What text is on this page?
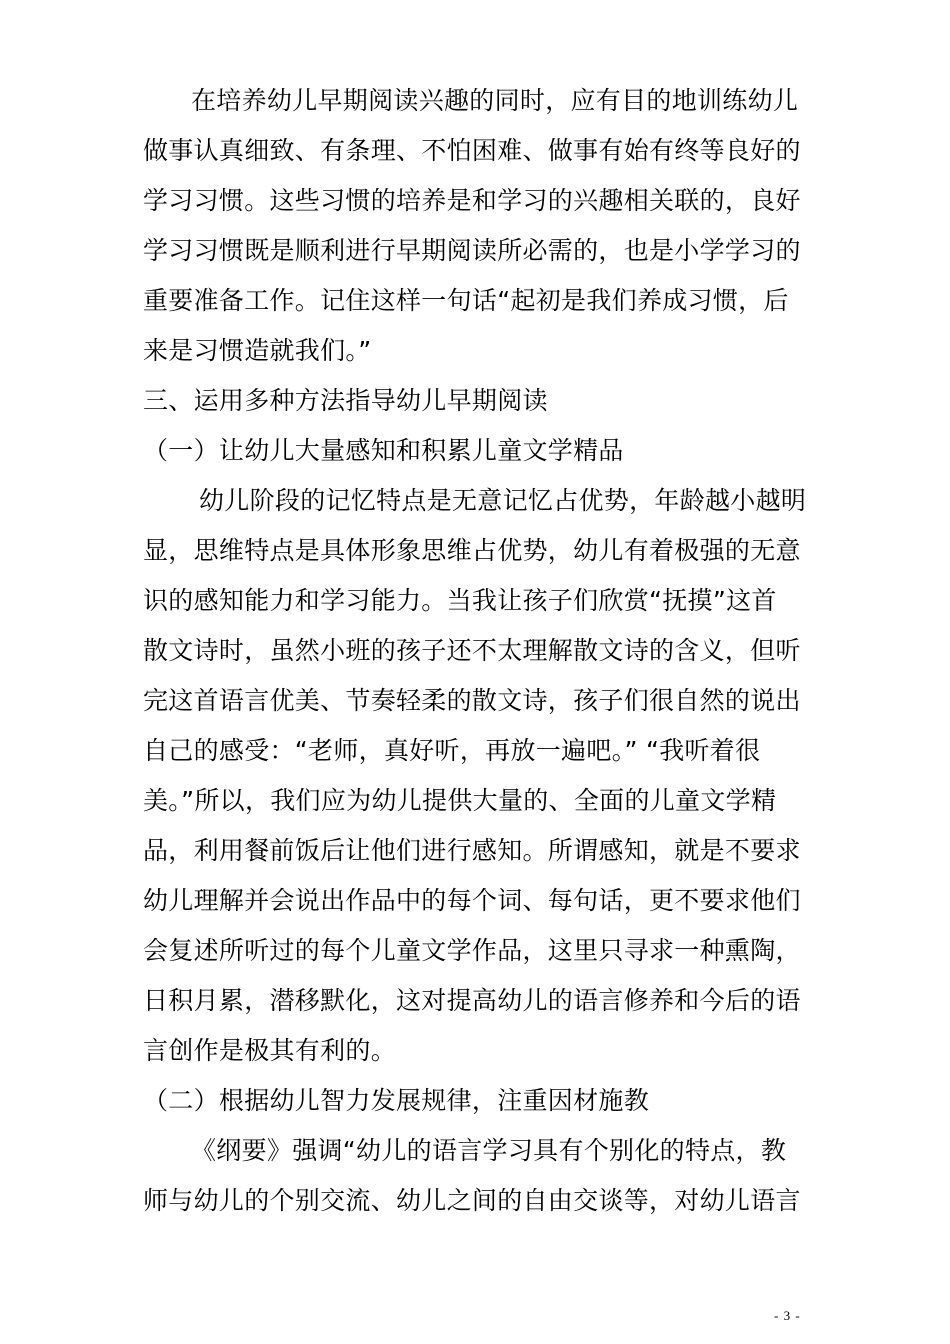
在培养幼儿早期阅读兴趣的同时，应有目的地训练幼儿
做事认真细致、有条理、不怕困难、做事有始有终等良好的
学习习惯。这些习惯的培养是和学习的兴趣相关联的，良好
学习习惯既是顺利进行早期阅读所必需的，也是小学学习的
重要准备工作。记住这样一句话“起初是我们养成习惯，后
来是习惯造就我们。”
三、运用多种方法指导幼儿早期阅读
（一）让幼儿大量感知和积累儿童文学精品
幼儿阶段的记忆特点是无意记忆占优势，年龄越小越明
显，思维特点是具体形象思维占优势，幼儿有着极强的无意
识的感知能力和学习能力。当我让孩子们欣赏“抚摸”这首
散文诗时，虽然小班的孩子还不太理解散文诗的含义，但听
完这首语言优美、节奏轻柔的散文诗，孩子们很自然的说出
自己的感受：“老师，真好听，再放一遍吧。” “我听着很
美。”所以，我们应为幼儿提供大量的、全面的儿童文学精
品，利用餐前饭后让他们进行感知。所谓感知，就是不要求
幼儿理解并会说出作品中的每个词、每句话，更不要求他们
会复述所听过的每个儿童文学作品，这里只寻求一种熏陶，
日积月累，潜移默化，这对提高幼儿的语言修养和今后的语
言创作是极其有利的。
（二）根据幼儿智力发展规律，注重因材施教
《纲要》强调“幼儿的语言学习具有个别化的特点，教
师与幼儿的个别交流、幼儿之间的自由交谈等，对幼儿语言
- 3 -
